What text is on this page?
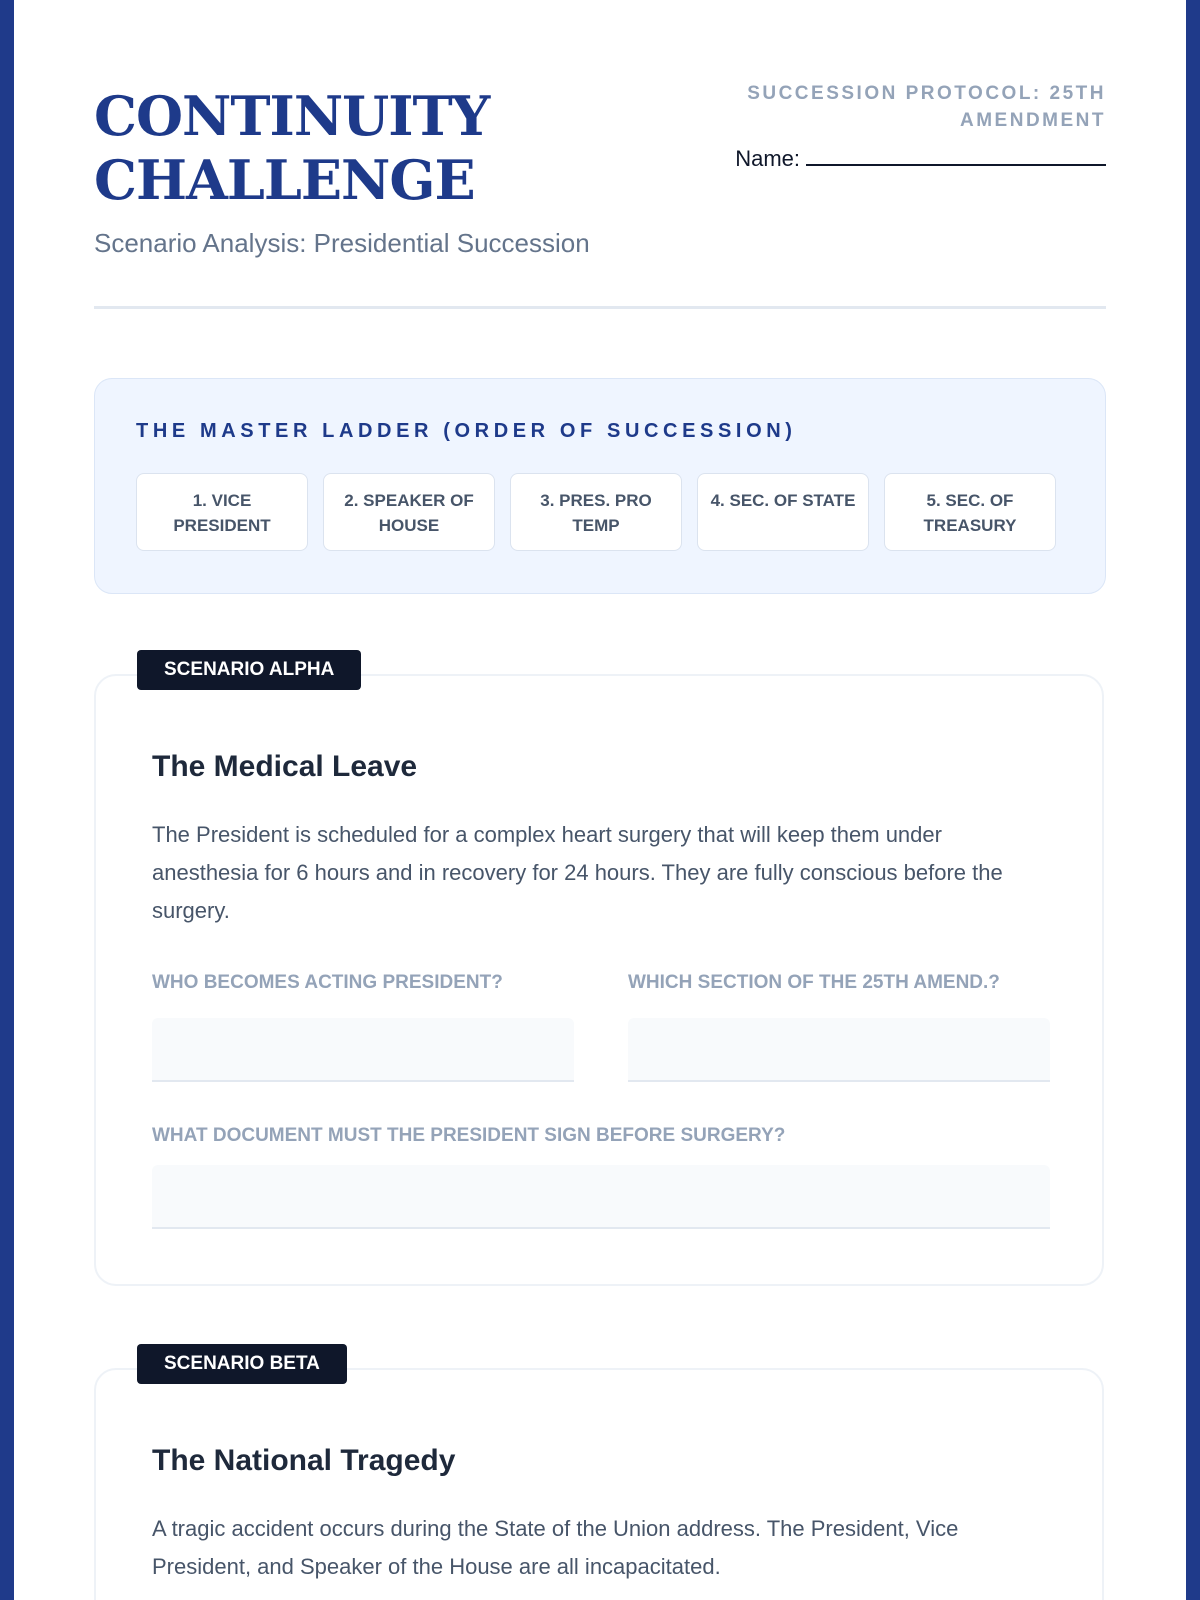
CONTINUITY
CHALLENGE
Scenario Analysis: Presidential Succession
SUCCESSION PROTOCOL: 25TH AMENDMENT
Name:
THE MASTER LADDER (ORDER OF SUCCESSION)
1. VICE PRESIDENT
2. SPEAKER OF HOUSE
3. PRES. PRO TEMP
4. SEC. OF STATE	5. SEC. OF TREASURY
SCENARIO ALPHA
The Medical Leave

The President is scheduled for a complex heart surgery that will keep them under anesthesia for 6 hours and in recovery for 24 hours. They are fully conscious before the surgery.

WHO BECOMES ACTING PRESIDENT?	WHICH SECTION OF THE 25TH AMEND.?
WHAT DOCUMENT MUST THE PRESIDENT SIGN BEFORE SURGERY?
SCENARIO BETA
The National Tragedy

A tragic accident occurs during the State of the Union address. The President, Vice President, and Speaker of the House are all incapacitated.
